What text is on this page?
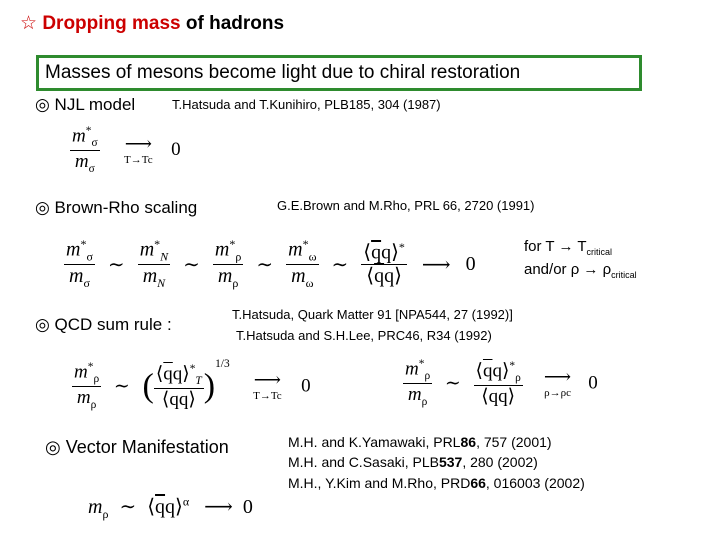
☆ Dropping mass of hadrons
Masses of mesons become light due to chiral restoration
◎ NJL model	T.Hatsuda and T.Kunihiro, PLB185, 304 (1987)
$\frac{m^*_\sigma}{m_\sigma}$
	⟶
T→Tc
0
◎ Brown-Rho scaling	G.E.Brown and M.Rho, PRL 66, 2720 (1991)
$\frac{m^*_\sigma}{m_\sigma}$ ∼ $\frac{m^*_N}{m_N}$ ∼ $\frac{m^*_\rho}{m_\rho}$ ∼ $\frac{m^*_\omega}{m_\omega}$ ∼ $\frac{⟨\overline{q}q⟩^*}{⟨\overline{q}q⟩}$ ⟶ 0
for $T \to T_{critical}$
and/or $\rho \to \rho_{critical}$
◎ QCD sum rule :
T.Hatsuda, Quark Matter 91 [NPA544, 27 (1992)]
T.Hatsuda and S.H.Lee, PRC46, R34 (1992)
$\frac{m^*_\rho}{m_\rho}$ ∼ ( $\frac{⟨\overline{q}q⟩^*_T}{⟨\overline{q}q⟩} )^{1/3}$
⟶
T→Tc	0	$\frac{m^*_\rho}{m_\rho}$ ∼ $\frac{⟨\overline{q}q⟩^*_\rho}{⟨\overline{q}q⟩}$
	⟶
ρ→ρc 0
◎ Vector Manifestation	M.H. and K.Yamawaki, PRL86, 757 (2001)
M.H. and C.Sasaki, PLB537, 280 (2002)
M.H., Y.Kim and M.Rho, PRD66, 016003 (2002)
$m_\rho$ ∼ $⟨\overline{q}q⟩^\alpha$ ⟶ 0
